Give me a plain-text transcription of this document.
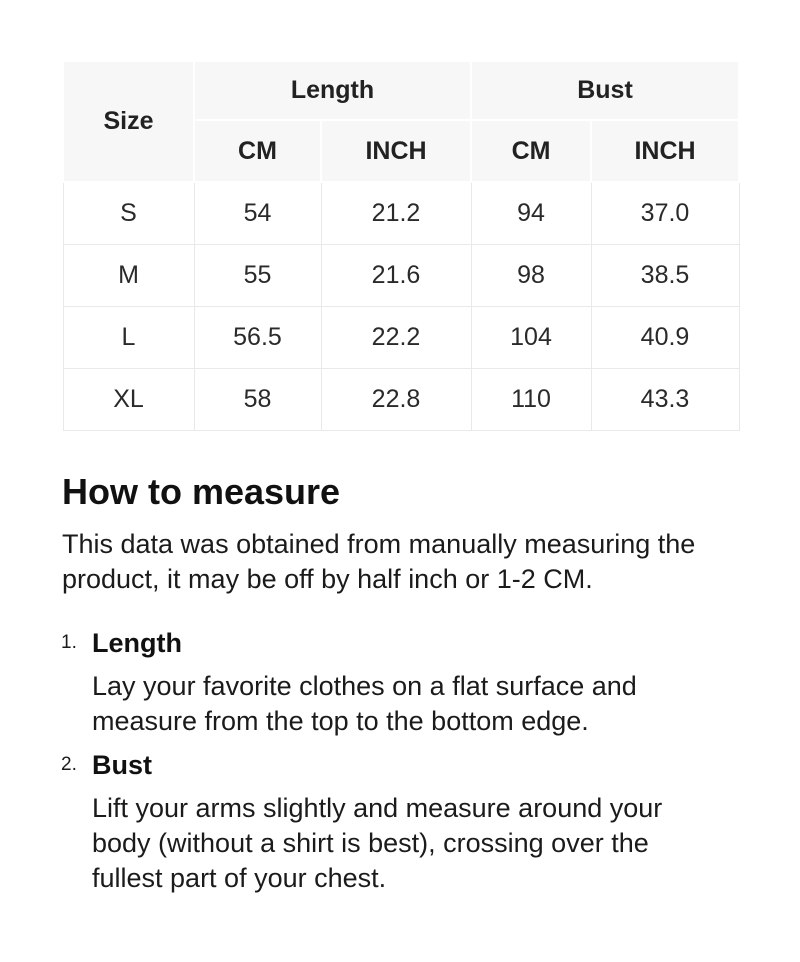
Size	Length		Bust	
	CM	INCH	CM	INCH
S	54	21.2	94	37.0
M	55	21.6	98	38.5
L	56.5	22.2	104	40.9
XL	58	22.8	110	43.3
How to measure

This data was obtained from manually measuring the product, it may be off by half inch or 1-2 CM.

1. Length

Lay your favorite clothes on a flat surface and measure from the top to the bottom edge.

2. Bust

Lift your arms slightly and measure around your body (without a shirt is best), crossing over the fullest part of your chest.
